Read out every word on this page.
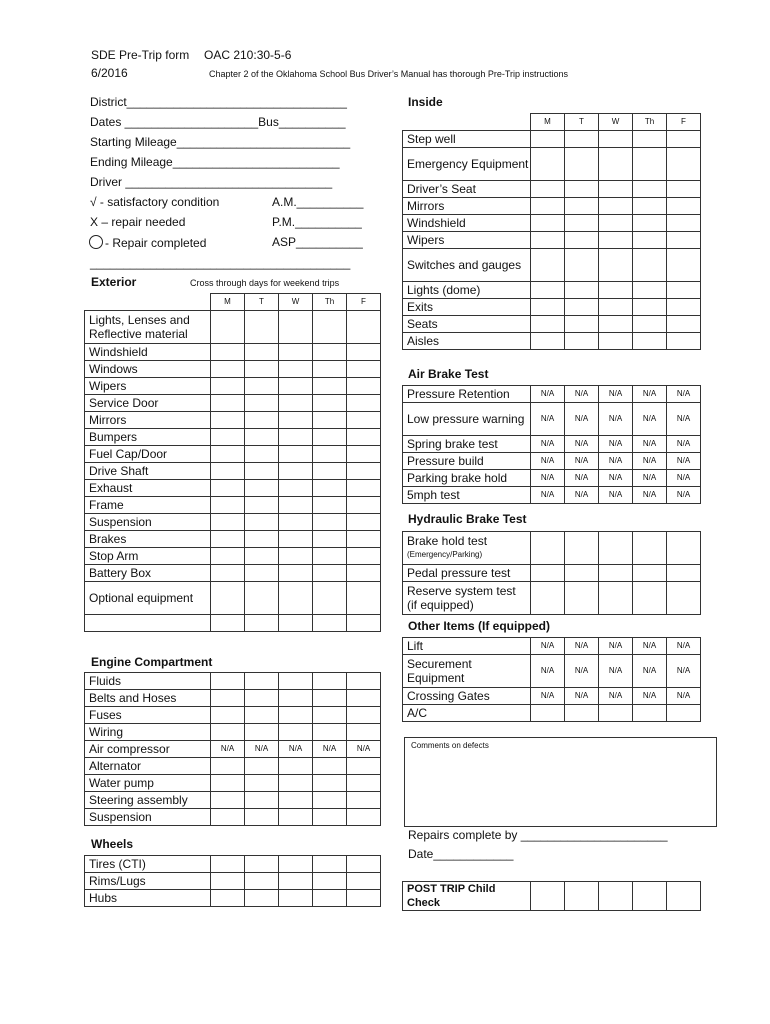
SDE Pre-Trip form OAC 210:30-5-6
6/2016	Chapter 2 of the Oklahoma School Bus Driver’s Manual has thorough Pre-Trip instructions
District_________________________________
Dates ____________________Bus__________
Starting Mileage__________________________
Ending Mileage_________________________
Driver _______________________________
√ - satisfactory condition	A.M.__________
X – repair needed	P.M.__________
- Repair completed	ASP__________
_______________________________________
Exterior	Cross through days for weekend trips
	M	T	W	Th	F
Lights, Lenses and Reflective material					
Windshield					
Windows					
Wipers					
Service Door					
Mirrors					
Bumpers					
Fuel Cap/Door					
Drive Shaft					
Exhaust					
Frame					
Suspension					
Brakes					
Stop Arm					
Battery Box					
Optional equipment					

Engine Compartment
Fluids					
Belts and Hoses					
Fuses					
Wiring					
Air compressor	N/A	N/A	N/A	N/A	N/A
Alternator					
Water pump					
Steering assembly					
Suspension					
Wheels
Tires (CTI)					
Rims/Lugs					
Hubs					
Inside
	M	T	W	Th	F
Step well					
Emergency Equipment					
Driver’s Seat					
Mirrors					
Windshield					
Wipers					
Switches and gauges					
Lights (dome)					
Exits					
Seats					
Aisles					
Air Brake Test
Pressure Retention	N/A	N/A	N/A	N/A	N/A
Low pressure warning	N/A	N/A	N/A	N/A	N/A
Spring brake test	N/A	N/A	N/A	N/A	N/A
Pressure build	N/A	N/A	N/A	N/A	N/A
Parking brake hold	N/A	N/A	N/A	N/A	N/A
5mph test	N/A	N/A	N/A	N/A	N/A
Hydraulic Brake Test
Brake hold test
(Emergency/Parking)					

Pedal pressure test					

Reserve system test
(if equipped)					

Other Items (If equipped)
Lift	N/A	N/A	N/A	N/A	N/A
Securement Equipment	N/A	N/A	N/A	N/A	N/A
Crossing Gates	N/A	N/A	N/A	N/A	N/A
A/C					
Comments on defects
Repairs complete by ______________________
Date____________
POST TRIP Child Check					
